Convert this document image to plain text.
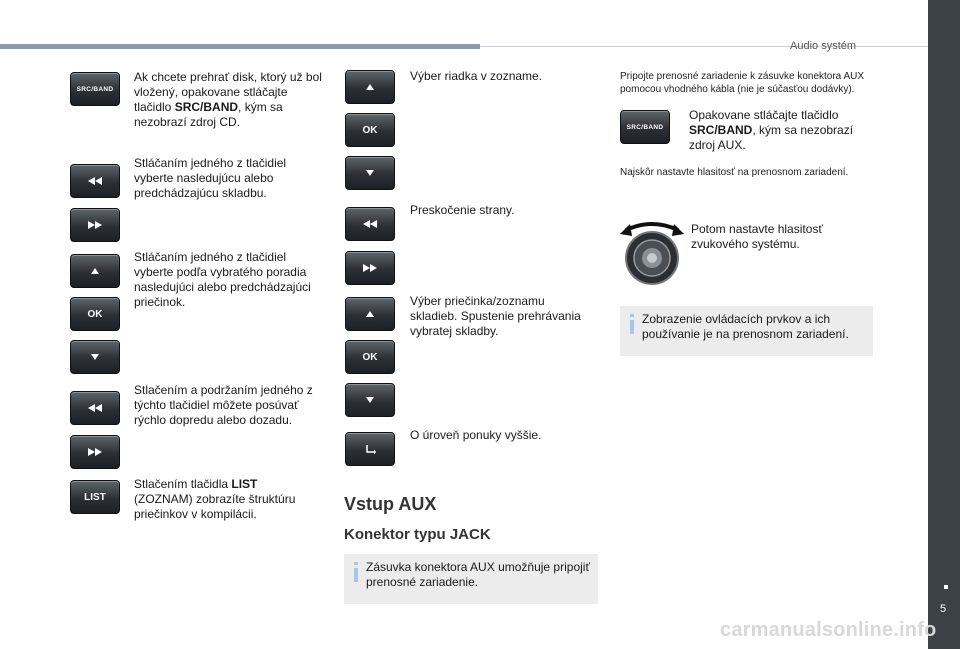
Audio systém
5
carmanualsonline.info
SRC/BAND
Ak chcete prehrať disk, ktorý už bol vložený, opakovane stláčajte tlačidlo SRC/BAND, kým sa nezobrazí zdroj CD.
Stláčaním jedného z tlačidiel vyberte nasledujúcu alebo predchádzajúcu skladbu.
OK
Stláčaním jedného z tlačidiel vyberte podľa vybratého poradia nasledujúci alebo predchádzajúci priečinok.
Stlačením a podržaním jedného z týchto tlačidiel môžete posúvať rýchlo dopredu alebo dozadu.
LIST
Stlačením tlačidla LIST (ZOZNAM) zobrazíte štruktúru priečinkov v kompilácii.
OK
Výber riadka v zozname.
Preskočenie strany.
OK
Výber priečinka/zoznamu skladieb. Spustenie prehrávania vybratej skladby.
O úroveň ponuky vyššie.
Vstup AUX
Konektor typu JACK
Zásuvka konektora AUX umožňuje pripojiť prenosné zariadenie.
Pripojte prenosné zariadenie k zásuvke konektora AUX pomocou vhodného kábla (nie je súčasťou dodávky).
SRC/BAND
Opakovane stláčajte tlačidlo SRC/BAND, kým sa nezobrazí zdroj AUX.
Najskôr nastavte hlasitosť na prenosnom zariadení.
Potom nastavte hlasitosť zvukového systému.
Zobrazenie ovládacích prvkov a ich používanie je na prenosnom zariadení.
